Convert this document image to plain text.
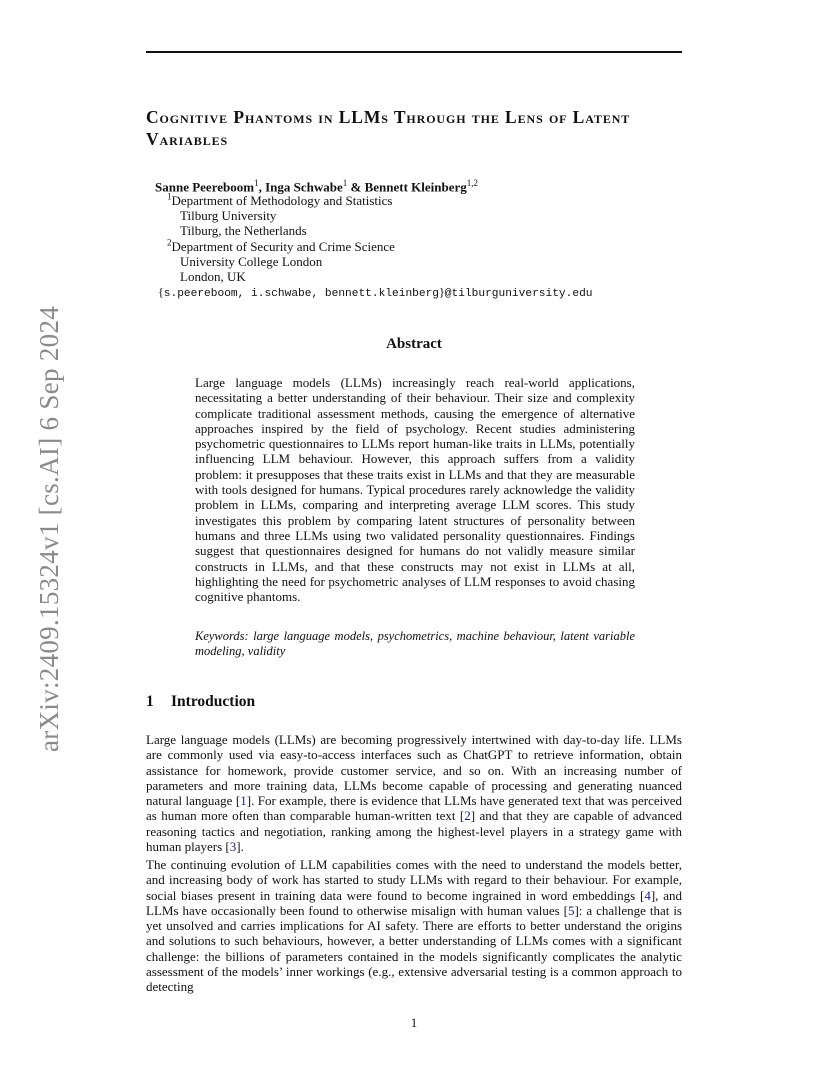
arXiv:2409.15324v1 [cs.AI] 6 Sep 2024
Cognitive Phantoms in LLMs Through the Lens of Latent Variables

Sanne Peereboom$^1$, Inga Schwabe$^1$ & Bennett Kleinberg$^{1,2}$

$^1$Department of Methodology and Statistics

Tilburg University

Tilburg, the Netherlands

$^2$Department of Security and Crime Science

University College London

London, UK

{s.peereboom, i.schwabe, bennett.kleinberg}@tilburguniversity.edu

Abstract

Large language models (LLMs) increasingly reach real-world applications, necessitating a better understanding of their behaviour. Their size and complexity complicate traditional assessment methods, causing the emergence of alternative approaches inspired by the field of psychology. Recent studies administering psychometric questionnaires to LLMs report human-like traits in LLMs, potentially influencing LLM behaviour. However, this approach suffers from a validity problem: it presupposes that these traits exist in LLMs and that they are measurable with tools designed for humans. Typical procedures rarely acknowledge the validity problem in LLMs, comparing and interpreting average LLM scores. This study investigates this problem by comparing latent structures of personality between humans and three LLMs using two validated personality questionnaires. Findings suggest that questionnaires designed for humans do not validly measure similar constructs in LLMs, and that these constructs may not exist in LLMs at all, highlighting the need for psychometric analyses of LLM responses to avoid chasing cognitive phantoms.

Keywords: large language models, psychometrics, machine behaviour, latent variable modeling, validity

1 Introduction

Large language models (LLMs) are becoming progressively intertwined with day-to-day life. LLMs are commonly used via easy-to-access interfaces such as ChatGPT to retrieve information, obtain assistance for homework, provide customer service, and so on. With an increasing number of parameters and more training data, LLMs become capable of processing and generating nuanced natural language [1]. For example, there is evidence that LLMs have generated text that was perceived as human more often than comparable human-written text [2] and that they are capable of advanced reasoning tactics and negotiation, ranking among the highest-level players in a strategy game with human players [3].

The continuing evolution of LLM capabilities comes with the need to understand the models better, and increasing body of work has started to study LLMs with regard to their behaviour. For example, social biases present in training data were found to become ingrained in word embeddings [4], and LLMs have occasionally been found to otherwise misalign with human values [5]: a challenge that is yet unsolved and carries implications for AI safety. There are efforts to better understand the origins and solutions to such behaviours, however, a better understanding of LLMs comes with a significant challenge: the billions of parameters contained in the models significantly complicates the analytic assessment of the models’ inner workings (e.g., extensive adversarial testing is a common approach to detecting

1
